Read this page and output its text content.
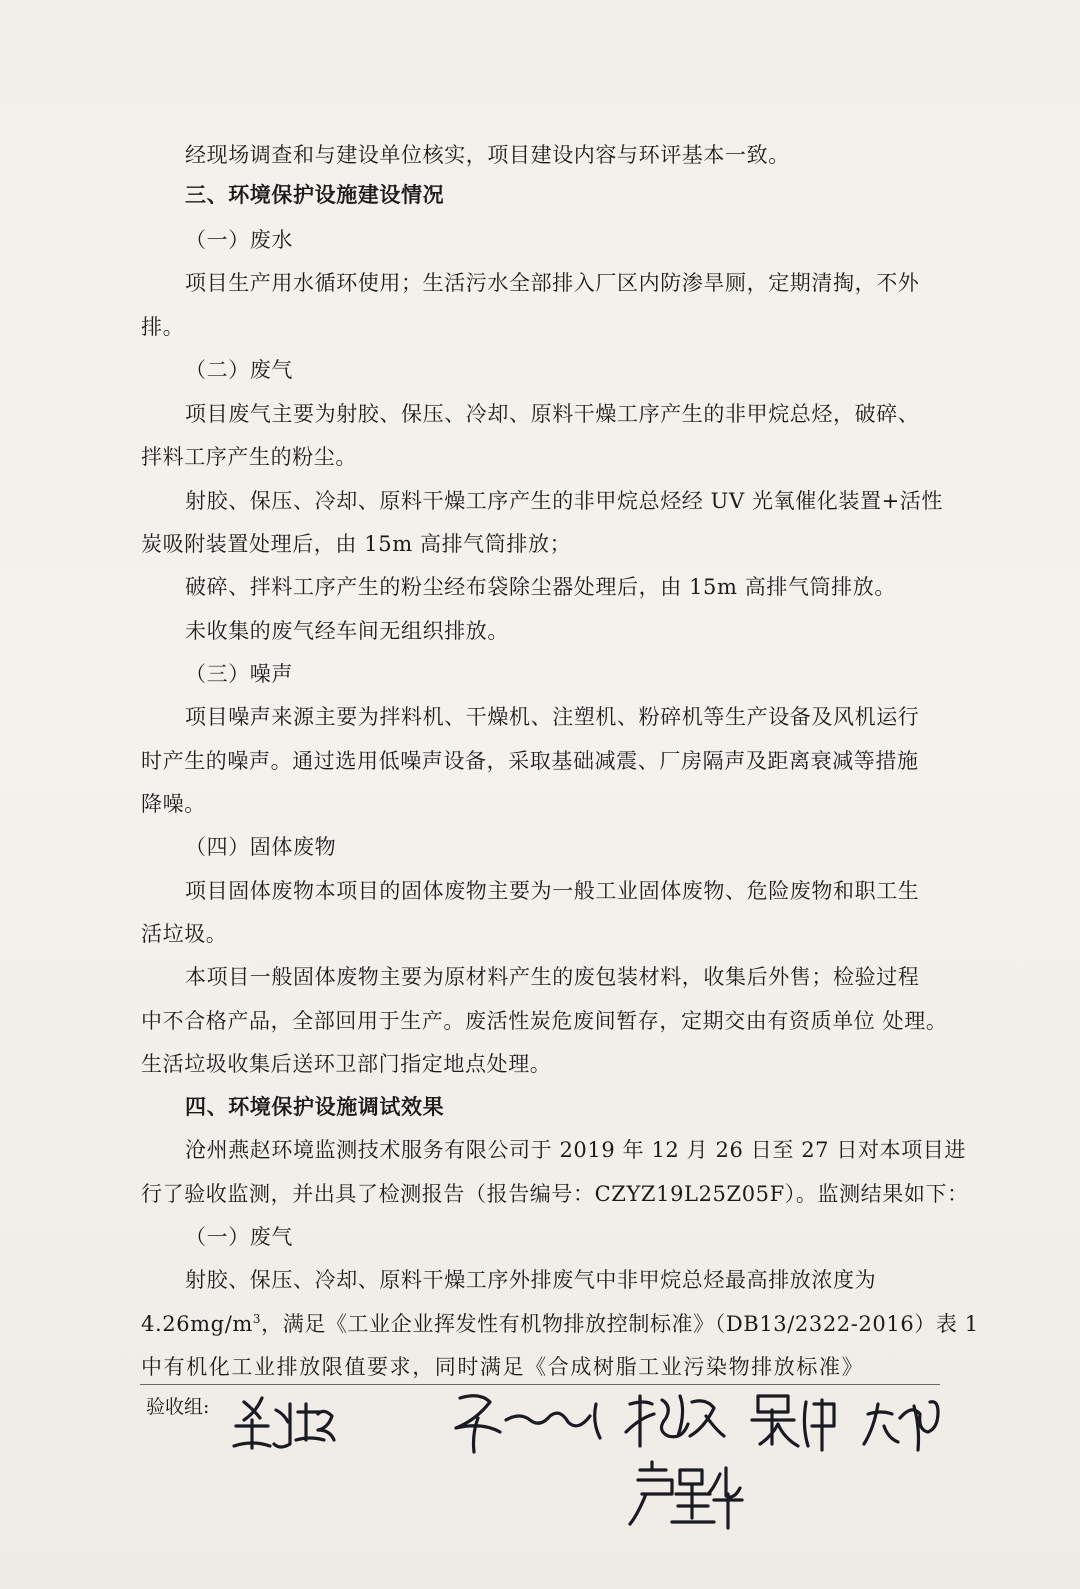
经现场调查和与建设单位核实，项目建设内容与环评基本一致。
三、环境保护设施建设情况
（一）废水
项目生产用水循环使用；生活污水全部排入厂区内防渗旱厕，定期清掏，不外
排。
（二）废气
项目废气主要为射胶、保压、冷却、原料干燥工序产生的非甲烷总烃，破碎、
拌料工序产生的粉尘。
射胶、保压、冷却、原料干燥工序产生的非甲烷总烃经 UV 光氧催化装置+活性
炭吸附装置处理后，由 15m 高排气筒排放；
破碎、拌料工序产生的粉尘经布袋除尘器处理后，由 15m 高排气筒排放。
未收集的废气经车间无组织排放。
（三）噪声
项目噪声来源主要为拌料机、干燥机、注塑机、粉碎机等生产设备及风机运行
时产生的噪声。通过选用低噪声设备，采取基础减震、厂房隔声及距离衰减等措施
降噪。
（四）固体废物
项目固体废物本项目的固体废物主要为一般工业固体废物、危险废物和职工生
活垃圾。
本项目一般固体废物主要为原材料产生的废包装材料，收集后外售；检验过程
中不合格产品，全部回用于生产。废活性炭危废间暂存，定期交由有资质单位 处理。
生活垃圾收集后送环卫部门指定地点处理。
四、环境保护设施调试效果
沧州燕赵环境监测技术服务有限公司于 2019 年 12 月 26 日至 27 日对本项目进
行了验收监测，并出具了检测报告（报告编号：CZYZ19L25Z05F）。监测结果如下：
（一）废气
射胶、保压、冷却、原料干燥工序外排废气中非甲烷总烃最高排放浓度为
$4.26mg/m^3$，满足《工业企业挥发性有机物排放控制标准》（DB13/2322-2016）表 1
中有机化工业排放限值要求，同时满足《合成树脂工业污染物排放标准》
验收组:
